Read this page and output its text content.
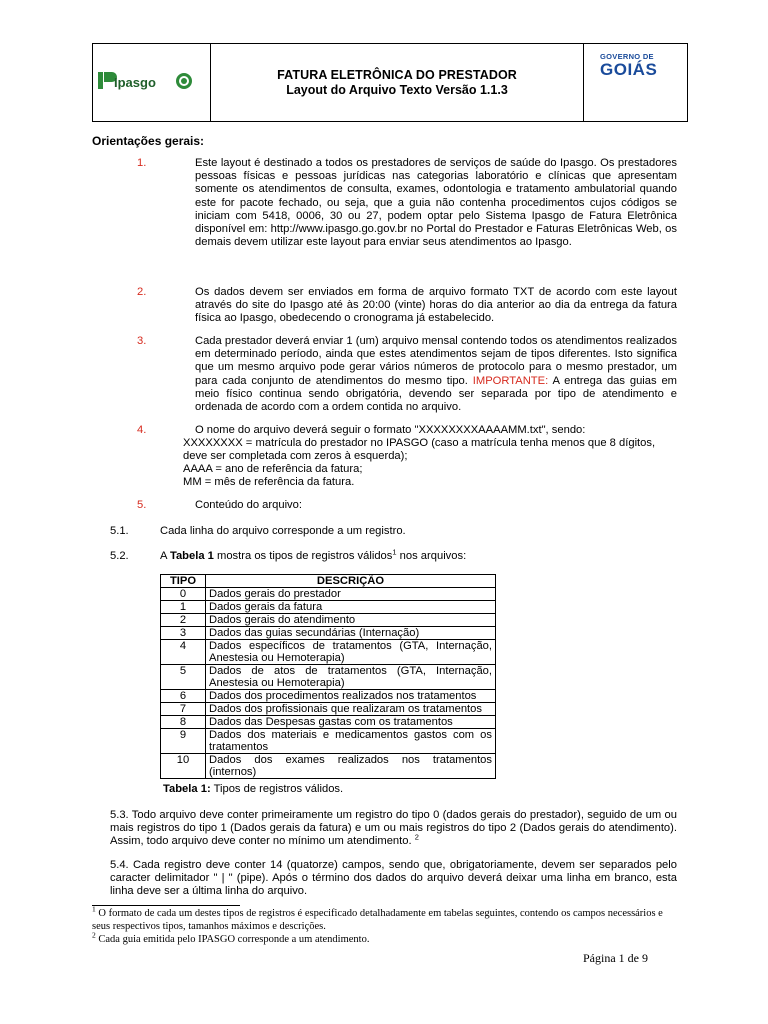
Ipasgo	FATURA ELETRÔNICA DO PRESTADOR
Layout do Arquivo Texto Versão 1.1.3
GOVERNO DE
GOIÁS
Orientações gerais:
1.	Este layout é destinado a todos os prestadores de serviços de saúde do Ipasgo. Os prestadores pessoas físicas e pessoas jurídicas nas categorias laboratório e clínicas que apresentam somente os atendimentos de consulta, exames, odontologia e tratamento ambulatorial quando este for pacote fechado, ou seja, que a guia não contenha procedimentos cujos códigos se iniciam com 5418, 0006, 30 ou 27, podem optar pelo Sistema Ipasgo de Fatura Eletrônica disponível em: http://www.ipasgo.go.gov.br no Portal do Prestador e Faturas Eletrônicas Web, os demais devem utilizar este layout para enviar seus atendimentos ao Ipasgo.
2.	Os dados devem ser enviados em forma de arquivo formato TXT de acordo com este layout através do site do Ipasgo até às 20:00 (vinte) horas do dia anterior ao dia da entrega da fatura física ao Ipasgo, obedecendo o cronograma já estabelecido.
3.	Cada prestador deverá enviar 1 (um) arquivo mensal contendo todos os atendimentos realizados em determinado período, ainda que estes atendimentos sejam de tipos diferentes. Isto significa que um mesmo arquivo pode gerar vários números de protocolo para o mesmo prestador, um para cada conjunto de atendimentos do mesmo tipo. IMPORTANTE: A entrega das guias em meio físico continua sendo obrigatória, devendo ser separada por tipo de atendimento e ordenada de acordo com a ordem contida no arquivo.
4.	O nome do arquivo deverá seguir o formato "XXXXXXXXAAAAMM.txt", sendo:
XXXXXXXX = matrícula do prestador no IPASGO (caso a matrícula tenha menos que 8 dígitos,
deve ser completada com zeros à esquerda);
AAAA = ano de referência da fatura;
MM = mês de referência da fatura.
5.	Conteúdo do arquivo:
5.1.	Cada linha do arquivo corresponde a um registro.
5.2.	A Tabela 1 mostra os tipos de registros válidos$^1$ nos arquivos:
TIPO	DESCRIÇÃO
0	Dados gerais do prestador
1	Dados gerais da fatura
2	Dados gerais do atendimento
3	Dados das guias secundárias (Internação)
4	Dados específicos de tratamentos (GTA, Internação, Anestesia ou Hemoterapia)
5	Dados de atos de tratamentos (GTA, Internação, Anestesia ou Hemoterapia)
6	Dados dos procedimentos realizados nos tratamentos
7	Dados dos profissionais que realizaram os tratamentos
8	Dados das Despesas gastas com os tratamentos
9	Dados dos materiais e medicamentos gastos com os tratamentos
10	Dados dos exames realizados nos tratamentos (internos)
Tabela 1: Tipos de registros válidos.
5.3. Todo arquivo deve conter primeiramente um registro do tipo 0 (dados gerais do prestador), seguido de um ou mais registros do tipo 1 (Dados gerais da fatura) e um ou mais registros do tipo 2 (Dados gerais do atendimento). Assim, todo arquivo deve conter no mínimo um atendimento. $^2$
5.4. Cada registro deve conter 14 (quatorze) campos, sendo que, obrigatoriamente, devem ser separados pelo caracter delimitador " | " (pipe). Após o término dos dados do arquivo deverá deixar uma linha em branco, esta linha deve ser a última linha do arquivo.
$^1$ O formato de cada um destes tipos de registros é especificado detalhadamente em tabelas seguintes, contendo os campos necessários e seus respectivos tipos, tamanhos máximos e descrições.
$^2$ Cada guia emitida pelo IPASGO corresponde a um atendimento.
Página 1 de 9
